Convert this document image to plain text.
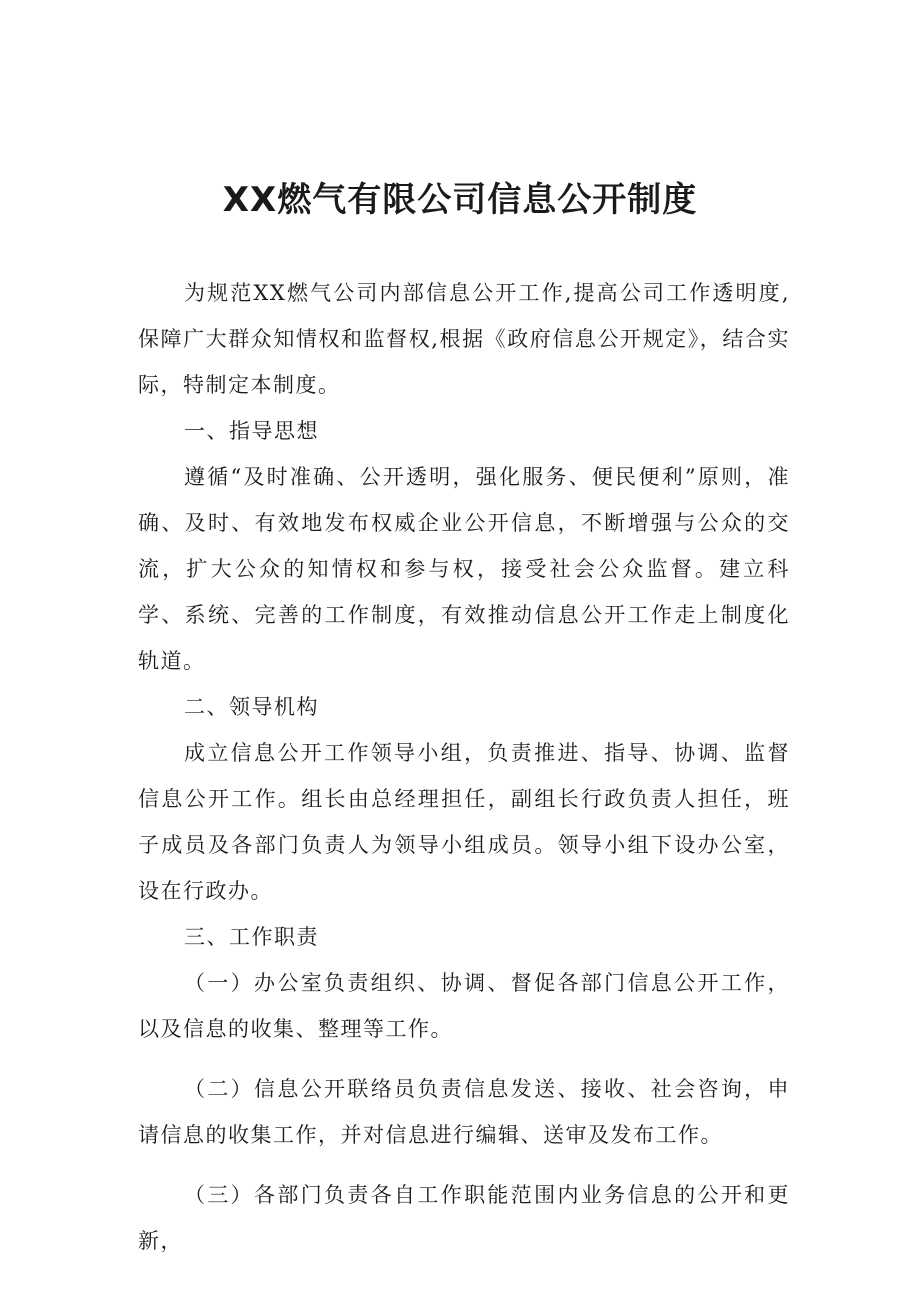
XX燃气有限公司信息公开制度

为规范XX燃气公司内部信息公开工作,提高公司工作透明度,保障广大群众知情权和监督权,根据《政府信息公开规定》，结合实际，特制定本制度。

一、指导思想

遵循“及时准确、公开透明，强化服务、便民便利”原则，准确、及时、有效地发布权威企业公开信息，不断增强与公众的交流，扩大公众的知情权和参与权，接受社会公众监督。建立科学、系统、完善的工作制度，有效推动信息公开工作走上制度化轨道。

二、领导机构

成立信息公开工作领导小组，负责推进、指导、协调、监督信息公开工作。组长由总经理担任，副组长行政负责人担任，班子成员及各部门负责人为领导小组成员。领导小组下设办公室，设在行政办。

三、工作职责

（一）办公室负责组织、协调、督促各部门信息公开工作，以及信息的收集、整理等工作。

（二）信息公开联络员负责信息发送、接收、社会咨询，申请信息的收集工作，并对信息进行编辑、送审及发布工作。

（三）各部门负责各自工作职能范围内业务信息的公开和更新，
